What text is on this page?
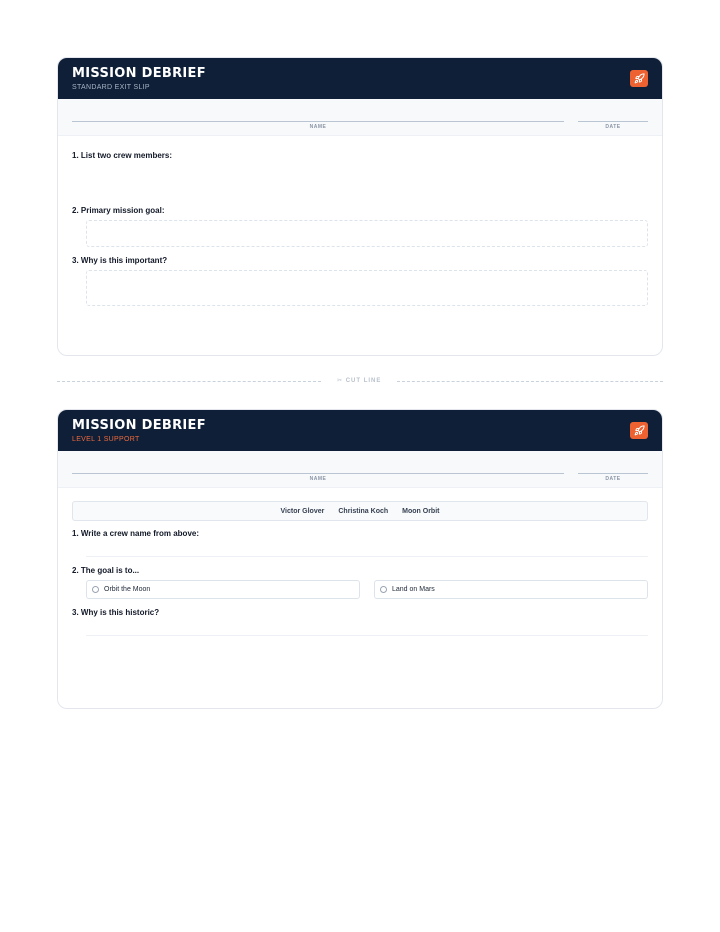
MISSION DEBRIEF
STANDARD EXIT SLIP
NAME	DATE
1. List two crew members:
2. Primary mission goal:
3. Why is this important?
✂ CUT LINE
MISSION DEBRIEF
LEVEL 1 SUPPORT
NAME	DATE
Victor Glover Christina Koch Moon Orbit
1. Write a crew name from above:
2. The goal is to...
Orbit the Moon	Land on Mars
3. Why is this historic?
